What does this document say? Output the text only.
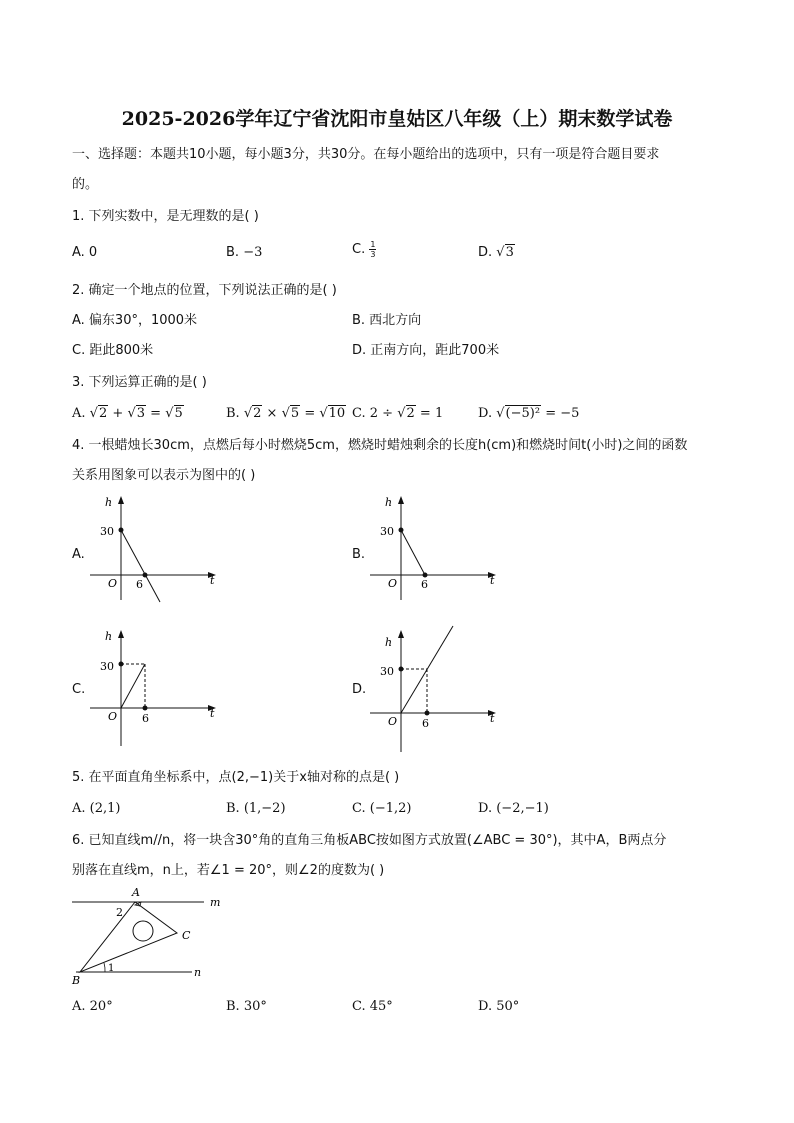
2025-2026学年辽宁省沈阳市皇姑区八年级（上）期末数学试卷
一、选择题：本题共10小题，每小题3分，共30分。在每小题给出的选项中，只有一项是符合题目要求
的。
1. 下列实数中，是无理数的是( )
A. 0	B. −3	C. $\frac{1}{3}$	D. √3
2. 确定一个地点的位置，下列说法正确的是( )
A. 偏东30°，1000米	B. 西北方向
C. 距此800米	D. 正南方向，距此700米
3. 下列运算正确的是( )
A. √2 + √3 = √5	B. √2 × √5 = √10 C. 2 ÷ √2 = 1	D. √(−5)² = −5
4. 一根蜡烛长30cm，点燃后每小时燃烧5cm，燃烧时蜡烛剩余的长度h(cm)和燃烧时间t(小时)之间的函数
关系用图象可以表示为图中的( )
A.
h
30
O 6	t
B.
h
30
O 6	t
C.
h
30
O 6	t
D.
h
30
O 6	t
5. 在平面直角坐标系中，点(2,−1)关于x轴对称的点是( )
A. (2,1)	B. (1,−2)	C. (−1,2)	D. (−2,−1)
6. 已知直线m//n，将一块含30°角的直角三角板ABC按如图方式放置(∠ABC = 30°)，其中A，B两点分
别落在直线m，n上，若∠1 = 20°，则∠2的度数为( )
A
B
C
m
n
1
2
A. 20°	B. 30°	C. 45°	D. 50°
